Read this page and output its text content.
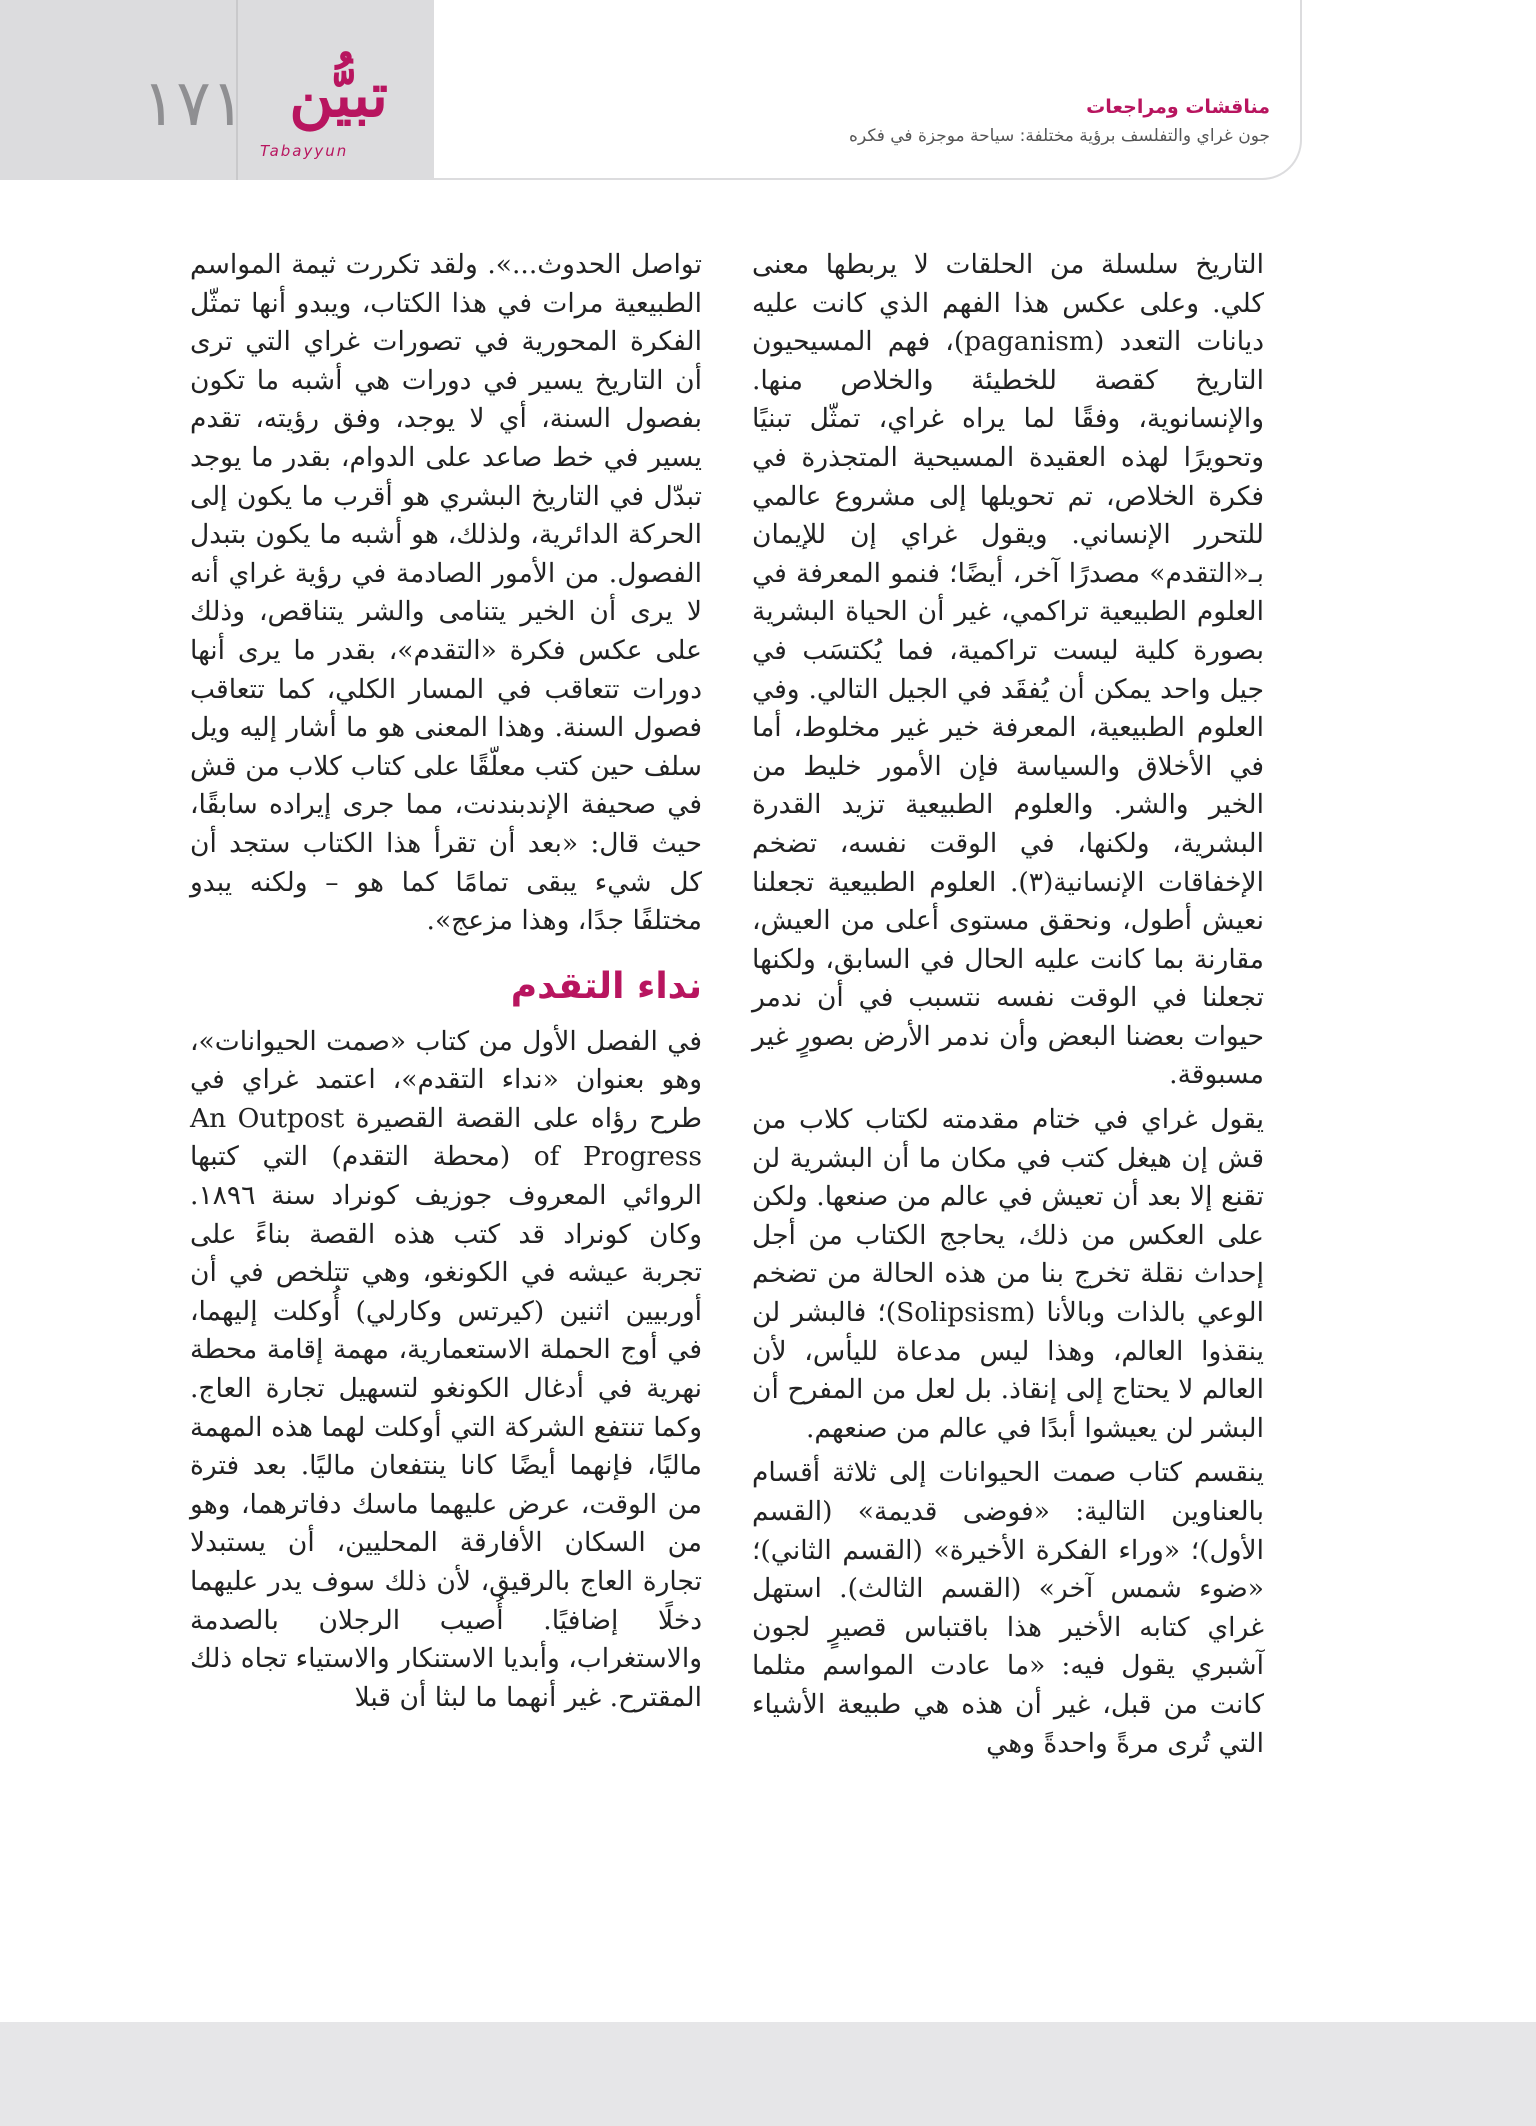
١٧١ تبيُّن
Tabayyun
مناقشات ومراجعات
جون غراي والتفلسف برؤية مختلفة: سياحة موجزة في فكره

التاريخ سلسلة من الحلقات لا يربطها معنى كلي. وعلى عكس هذا الفهم الذي كانت عليه ديانات التعدد (paganism)، فهم المسيحيون التاريخ كقصة للخطيئة والخلاص منها. والإنسانوية، وفقًا لما يراه غراي، تمثّل تبنيًا وتحويرًا لهذه العقيدة المسيحية المتجذرة في فكرة الخلاص، تم تحويلها إلى مشروع عالمي للتحرر الإنساني. ويقول غراي إن للإيمان بـ«التقدم» مصدرًا آخر، أيضًا؛ فنمو المعرفة في العلوم الطبيعية تراكمي، غير أن الحياة البشرية بصورة كلية ليست تراكمية، فما يُكتسَب في جيل واحد يمكن أن يُفقَد في الجيل التالي. وفي العلوم الطبيعية، المعرفة خير غير مخلوط، أما في الأخلاق والسياسة فإن الأمور خليط من الخير والشر. والعلوم الطبيعية تزيد القدرة البشرية، ولكنها، في الوقت نفسه، تضخم الإخفاقات الإنسانية(٣). العلوم الطبيعية تجعلنا نعيش أطول، ونحقق مستوى أعلى من العيش، مقارنة بما كانت عليه الحال في السابق، ولكنها تجعلنا في الوقت نفسه نتسبب في أن ندمر حيوات بعضنا البعض وأن ندمر الأرض بصورٍ غير مسبوقة.

يقول غراي في ختام مقدمته لكتاب كلاب من قش إن هيغل كتب في مكان ما أن البشرية لن تقنع إلا بعد أن تعيش في عالم من صنعها. ولكن على العكس من ذلك، يحاجج الكتاب من أجل إحداث نقلة تخرج بنا من هذه الحالة من تضخم الوعي بالذات وبالأنا (Solipsism)؛ فالبشر لن ينقذوا العالم، وهذا ليس مدعاة لليأس، لأن العالم لا يحتاج إلى إنقاذ. بل لعل من المفرح أن البشر لن يعيشوا أبدًا في عالم من صنعهم.

ينقسم كتاب صمت الحيوانات إلى ثلاثة أقسام بالعناوين التالية: «فوضى قديمة» (القسم الأول)؛ «وراء الفكرة الأخيرة» (القسم الثاني)؛ «ضوء شمس آخر» (القسم الثالث). استهل غراي كتابه الأخير هذا باقتباس قصيرٍ لجون آشبري يقول فيه: «ما عادت المواسم مثلما كانت من قبل، غير أن هذه هي طبيعة الأشياء التي تُرى مرةً واحدةً وهي

تواصل الحدوث...». ولقد تكررت ثيمة المواسم الطبيعية مرات في هذا الكتاب، ويبدو أنها تمثّل الفكرة المحورية في تصورات غراي التي ترى أن التاريخ يسير في دورات هي أشبه ما تكون بفصول السنة، أي لا يوجد، وفق رؤيته، تقدم يسير في خط صاعد على الدوام، بقدر ما يوجد تبدّل في التاريخ البشري هو أقرب ما يكون إلى الحركة الدائرية، ولذلك، هو أشبه ما يكون بتبدل الفصول. من الأمور الصادمة في رؤية غراي أنه لا يرى أن الخير يتنامى والشر يتناقص، وذلك على عكس فكرة «التقدم»، بقدر ما يرى أنها دورات تتعاقب في المسار الكلي، كما تتعاقب فصول السنة. وهذا المعنى هو ما أشار إليه ويل سلف حين كتب معلّقًا على كتاب كلاب من قش في صحيفة الإندبندنت، مما جرى إيراده سابقًا، حيث قال: «بعد أن تقرأ هذا الكتاب ستجد أن كل شيء يبقى تمامًا كما هو – ولكنه يبدو مختلفًا جدًا، وهذا مزعج».

نداء التقدم

في الفصل الأول من كتاب «صمت الحيوانات»، وهو بعنوان «نداء التقدم»، اعتمد غراي في طرح رؤاه على القصة القصيرة An Outpost of Progress (محطة التقدم) التي كتبها الروائي المعروف جوزيف كونراد سنة ١٨٩٦. وكان كونراد قد كتب هذه القصة بناءً على تجربة عيشه في الكونغو، وهي تتلخص في أن أوربيين اثنين (كيرتس وكارلي) أُوكلت إليهما، في أوج الحملة الاستعمارية، مهمة إقامة محطة نهرية في أدغال الكونغو لتسهيل تجارة العاج. وكما تنتفع الشركة التي أوكلت لهما هذه المهمة ماليًا، فإنهما أيضًا كانا ينتفعان ماليًا. بعد فترة من الوقت، عرض عليهما ماسك دفاترهما، وهو من السكان الأفارقة المحليين، أن يستبدلا تجارة العاج بالرقيق، لأن ذلك سوف يدر عليهما دخلًا إضافيًا. أُصيب الرجلان بالصدمة والاستغراب، وأبديا الاستنكار والاستياء تجاه ذلك المقترح. غير أنهما ما لبثا أن قبلا
